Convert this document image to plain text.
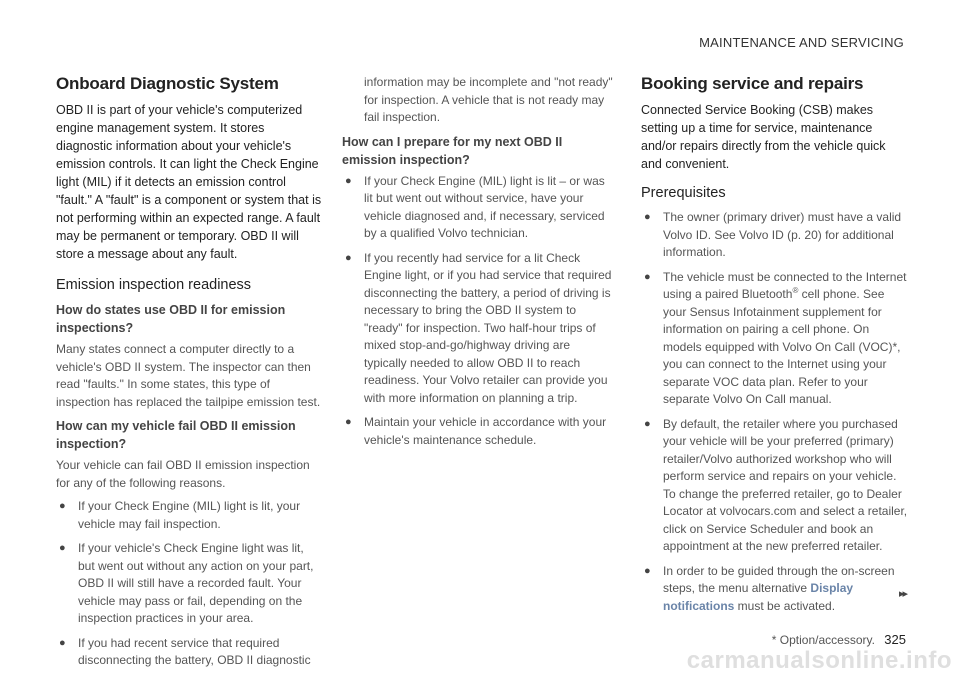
MAINTENANCE AND SERVICING
Onboard Diagnostic System

OBD II is part of your vehicle's computerized engine management system. It stores diagnostic information about your vehicle's emission controls. It can light the Check Engine light (MIL) if it detects an emission control "fault." A "fault" is a component or system that is not performing within an expected range. A fault may be permanent or temporary. OBD II will store a message about any fault.

Emission inspection readiness
How do states use OBD II for emission inspections?

Many states connect a computer directly to a vehicle's OBD II system. The inspector can then read "faults." In some states, this type of inspection has replaced the tailpipe emission test.

How can my vehicle fail OBD II emission inspection?

Your vehicle can fail OBD II emission inspection for any of the following reasons.

● If your Check Engine (MIL) light is lit, your vehicle may fail inspection.
● If your vehicle's Check Engine light was lit, but went out without any action on your part, OBD II will still have a recorded fault. Your vehicle may pass or fail, depending on the inspection practices in your area.
● If you had recent service that required disconnecting the battery, OBD II diagnostic

information may be incomplete and "not ready" for inspection. A vehicle that is not ready may fail inspection.

How can I prepare for my next OBD II emission inspection?
● If your Check Engine (MIL) light is lit – or was lit but went out without service, have your vehicle diagnosed and, if necessary, serviced by a qualified Volvo technician.
● If you recently had service for a lit Check Engine light, or if you had service that required disconnecting the battery, a period of driving is necessary to bring the OBD II system to "ready" for inspection. Two half-hour trips of mixed stop-and-go/highway driving are typically needed to allow OBD II to reach readiness. Your Volvo retailer can provide you with more information on planning a trip.
● Maintain your vehicle in accordance with your vehicle's maintenance schedule.
Booking service and repairs

Connected Service Booking (CSB) makes setting up a time for service, maintenance and/or repairs directly from the vehicle quick and convenient.

Prerequisites
● The owner (primary driver) must have a valid Volvo ID. See Volvo ID (p. 20) for additional information.
● The vehicle must be connected to the Internet using a paired Bluetooth® cell phone. See your Sensus Infotainment supplement for information on pairing a cell phone. On models equipped with Volvo On Call (VOC)*, you can connect to the Internet using your separate VOC data plan. Refer to your separate Volvo On Call manual.
● By default, the retailer where you purchased your vehicle will be your preferred (primary) retailer/Volvo authorized workshop who will perform service and repairs on your vehicle. To change the preferred retailer, go to Dealer Locator at volvocars.com and select a retailer, click on Service Scheduler and book an appointment at the new preferred retailer.
● In order to be guided through the on-screen steps, the menu alternative Display notifications must be activated.
▸▸
* Option/accessory. 325
carmanualsonline.info
